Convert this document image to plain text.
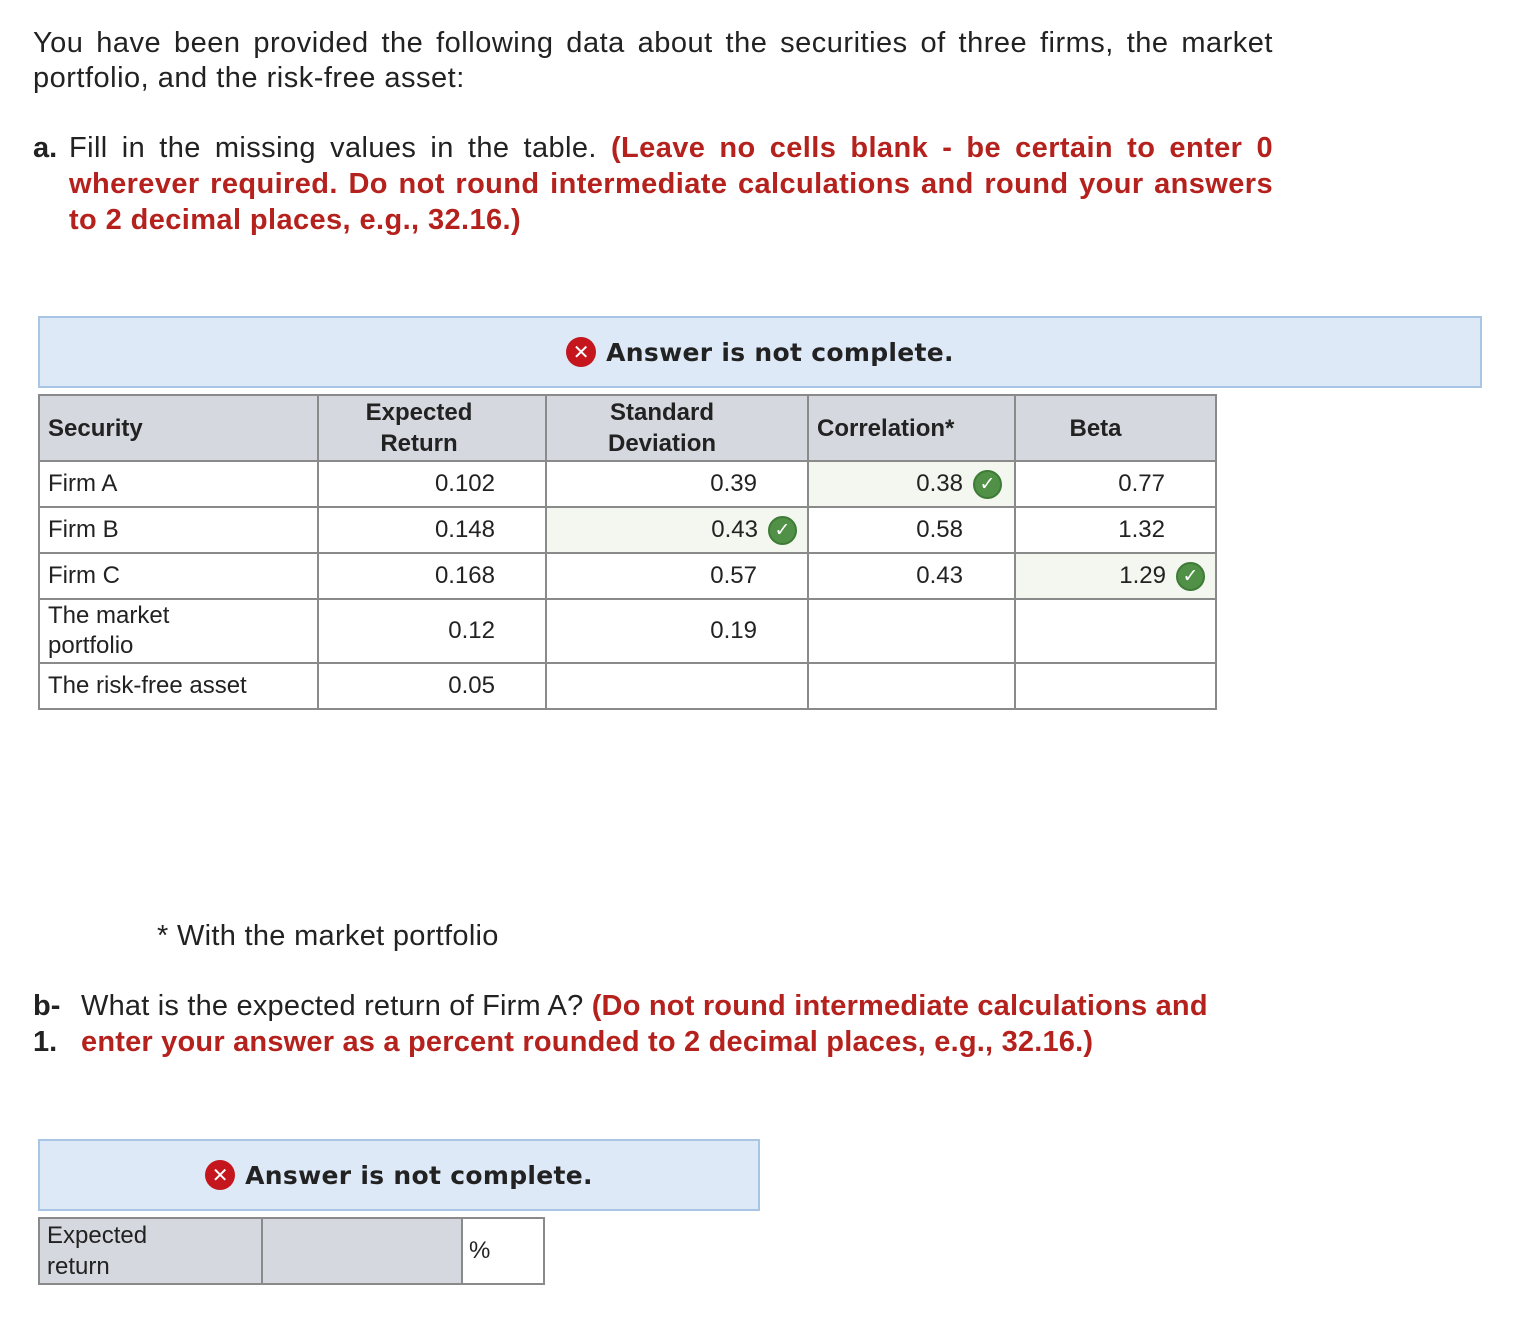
You have been provided the following data about the securities of three firms, the market portfolio, and the risk-free asset:
a. Fill in the missing values in the table. (Leave no cells blank - be certain to enter 0 wherever required. Do not round intermediate calculations and round your answers to 2 decimal places, e.g., 32.16.)
✕ Answer is not complete.
Security	Expected Return	Standard Deviation	Correlation*	Beta

Firm A	0.102	0.39	0.38 ✓	0.77

Firm B	0.148	0.43 ✓	0.58	1.32

Firm C	0.168	0.57	0.43	1.29 ✓

The market portfolio	0.12	0.19		

The risk-free asset	0.05			

* With the market portfolio
b-
1.
What is the expected return of Firm A? (Do not round intermediate calculations and enter your answer as a percent rounded to 2 decimal places, e.g., 32.16.)
✕ Answer is not complete.
Expected return

%
